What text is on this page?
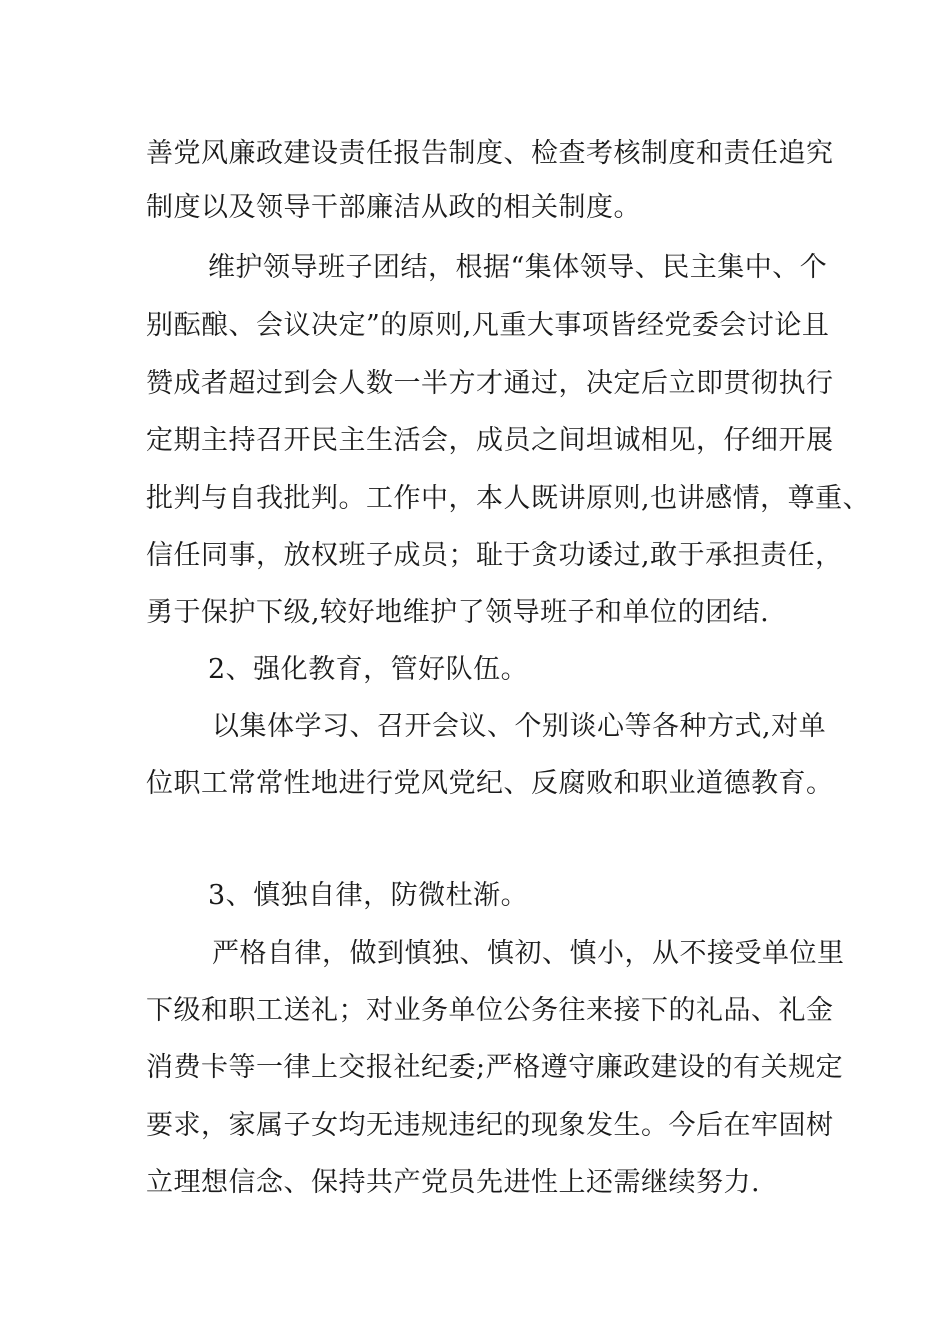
善党风廉政建设责任报告制度、检查考核制度和责任追究
制度以及领导干部廉洁从政的相关制度。
维护领导班子团结，根据“集体领导、民主集中、个
别酝酿、会议决定”的原则,凡重大事项皆经党委会讨论且
赞成者超过到会人数一半方才通过，决定后立即贯彻执行
定期主持召开民主生活会，成员之间坦诚相见，仔细开展
批判与自我批判。工作中，本人既讲原则,也讲感情，尊重、
信任同事，放权班子成员；耻于贪功诿过,敢于承担责任，
勇于保护下级,较好地维护了领导班子和单位的团结.
2、强化教育，管好队伍。
以集体学习、召开会议、个别谈心等各种方式,对单
位职工常常性地进行党风党纪、反腐败和职业道德教育。
3、慎独自律，防微杜渐。
严格自律，做到慎独、慎初、慎小，从不接受单位里
下级和职工送礼；对业务单位公务往来接下的礼品、礼金
消费卡等一律上交报社纪委;严格遵守廉政建设的有关规定
要求，家属子女均无违规违纪的现象发生。今后在牢固树
立理想信念、保持共产党员先进性上还需继续努力.
